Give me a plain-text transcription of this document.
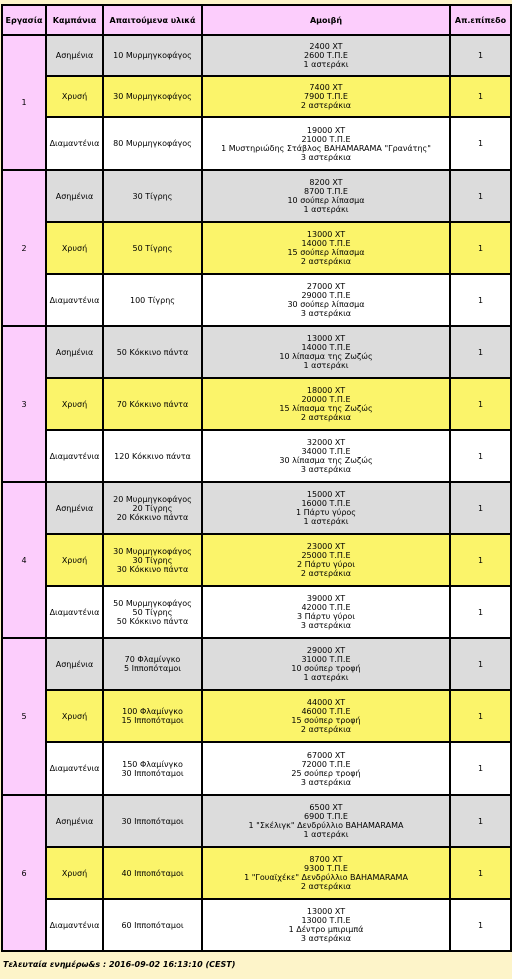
Εργασία	Καμπάνια	Απαιτούμενα υλικά	Αμοιβή	Απ.επίπεδο
1	Ασημένια	10 Μυρμηγκοφάγος	2400 XT
2600 Τ.Π.Ε
1 αστεράκι	1
	Χρυσή	30 Μυρμηγκοφάγος	7400 XT
7900 Τ.Π.Ε
2 αστεράκια	1
	Διαμαντένια	80 Μυρμηγκοφάγος	19000 XT
21000 Τ.Π.Ε
1 Μυστηριώδης Στάβλος BAHAMARAMA "Γρανάτης"
3 αστεράκια	1
2	Ασημένια	30 Τίγρης	8200 XT
8700 Τ.Π.Ε
10 σούπερ λίπασμα
1 αστεράκι	1
	Χρυσή	50 Τίγρης	13000 XT
14000 Τ.Π.Ε
15 σούπερ λίπασμα
2 αστεράκια	1
	Διαμαντένια	100 Τίγρης	27000 XT
29000 Τ.Π.Ε
30 σούπερ λίπασμα
3 αστεράκια	1
3	Ασημένια	50 Κόκκινο πάντα	13000 XT
14000 Τ.Π.Ε
10 λίπασμα της Ζωζώς
1 αστεράκι	1
	Χρυσή	70 Κόκκινο πάντα	18000 XT
20000 Τ.Π.Ε
15 λίπασμα της Ζωζώς
2 αστεράκια	1
	Διαμαντένια	120 Κόκκινο πάντα	32000 XT
34000 Τ.Π.Ε
30 λίπασμα της Ζωζώς
3 αστεράκια	1
4	Ασημένια	20 Μυρμηγκοφάγος
20 Τίγρης
20 Κόκκινο πάντα	15000 XT
16000 Τ.Π.Ε
1 Πάρτυ γύρος
1 αστεράκι	1
	Χρυσή	30 Μυρμηγκοφάγος
30 Τίγρης
30 Κόκκινο πάντα	23000 XT
25000 Τ.Π.Ε
2 Πάρτυ γύροι
2 αστεράκια	1
	Διαμαντένια	50 Μυρμηγκοφάγος
50 Τίγρης
50 Κόκκινο πάντα	39000 XT
42000 Τ.Π.Ε
3 Πάρτυ γύροι
3 αστεράκια	1
5	Ασημένια	70 Φλαμίνγκο
5 Ιπποπόταμοι	29000 XT
31000 Τ.Π.Ε
10 σούπερ τροφή
1 αστεράκι	1
	Χρυσή	100 Φλαμίνγκο
15 Ιπποπόταμοι	44000 XT
46000 Τ.Π.Ε
15 σούπερ τροφή
2 αστεράκια	1
	Διαμαντένια	150 Φλαμίνγκο
30 Ιπποπόταμοι	67000 XT
72000 Τ.Π.Ε
25 σούπερ τροφή
3 αστεράκια	1
6	Ασημένια	30 Ιπποπόταμοι	6500 XT
6900 Τ.Π.Ε
1 "Σκέλιγκ" Δενδρύλλιο BAHAMARAMA
1 αστεράκι	1
	Χρυσή	40 Ιπποπόταμοι	8700 XT
9300 Τ.Π.Ε
1 "Γουαϊχέκε" Δενδρύλλιο BAHAMARAMA
2 αστεράκια	1
	Διαμαντένια	60 Ιπποπόταμοι	13000 XT
13000 Τ.Π.Ε
1 Δέντρο μπιριμπά
3 αστεράκια	1
Τελευταία ενημέρω&s : 2016-09-02 16:13:10 (CEST)
